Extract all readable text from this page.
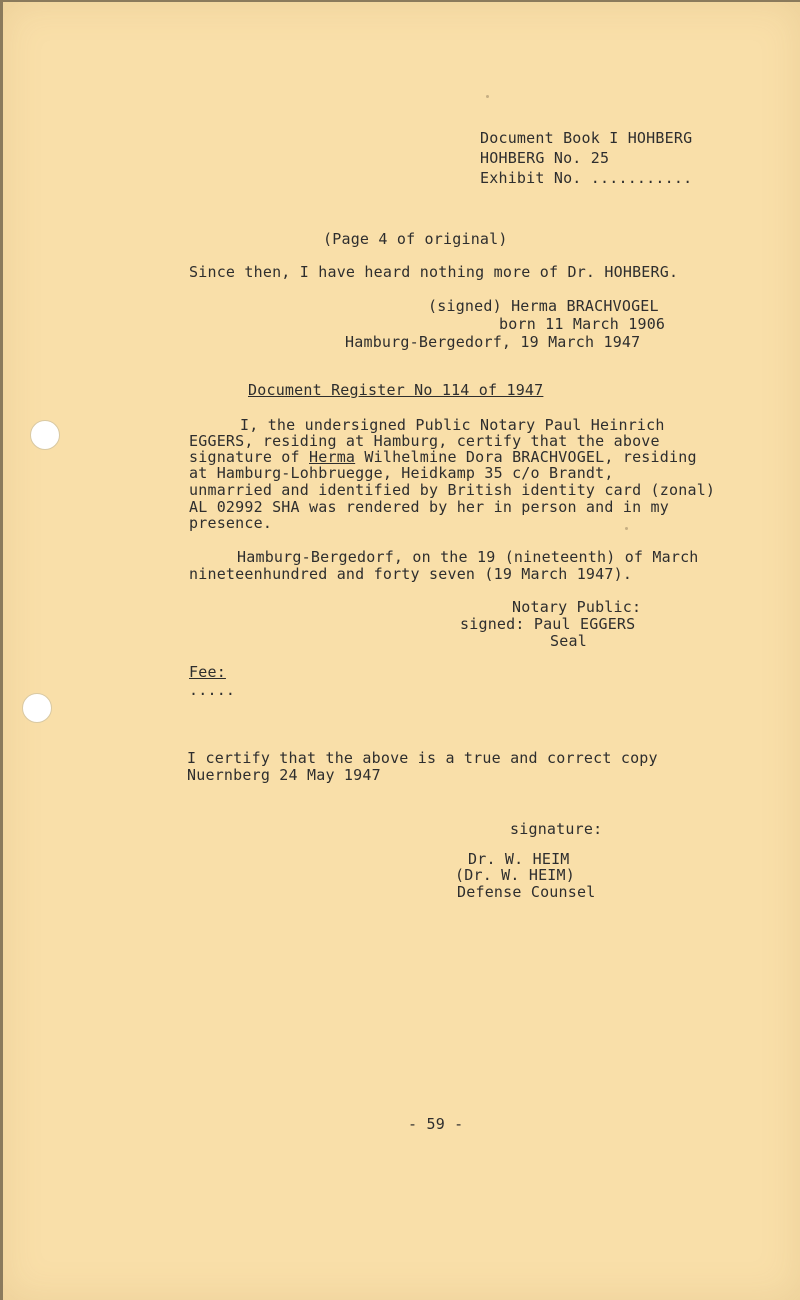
Document Book I HOHBERG
HOHBERG No. 25
Exhibit No. ...........
(Page 4 of original)
Since then, I have heard nothing more of Dr. HOHBERG.
(signed) Herma BRACHVOGEL
born 11 March 1906
Hamburg-Bergedorf, 19 March 1947
Document Register No 114 of 1947
I, the undersigned Public Notary Paul Heinrich
EGGERS, residing at Hamburg, certify that the above
signature of Herma Wilhelmine Dora BRACHVOGEL, residing
at Hamburg-Lohbruegge, Heidkamp 35 c/o Brandt,
unmarried and identified by British identity card (zonal)
AL 02992 SHA was rendered by her in person and in my
presence.
Hamburg-Bergedorf, on the 19 (nineteenth) of March
nineteenhundred and forty seven (19 March 1947).
Notary Public:
signed: Paul EGGERS
Seal
Fee:
.....
I certify that the above is a true and correct copy
Nuernberg 24 May 1947
signature:
Dr. W. HEIM
(Dr. W. HEIM)
Defense Counsel
- 59 -
